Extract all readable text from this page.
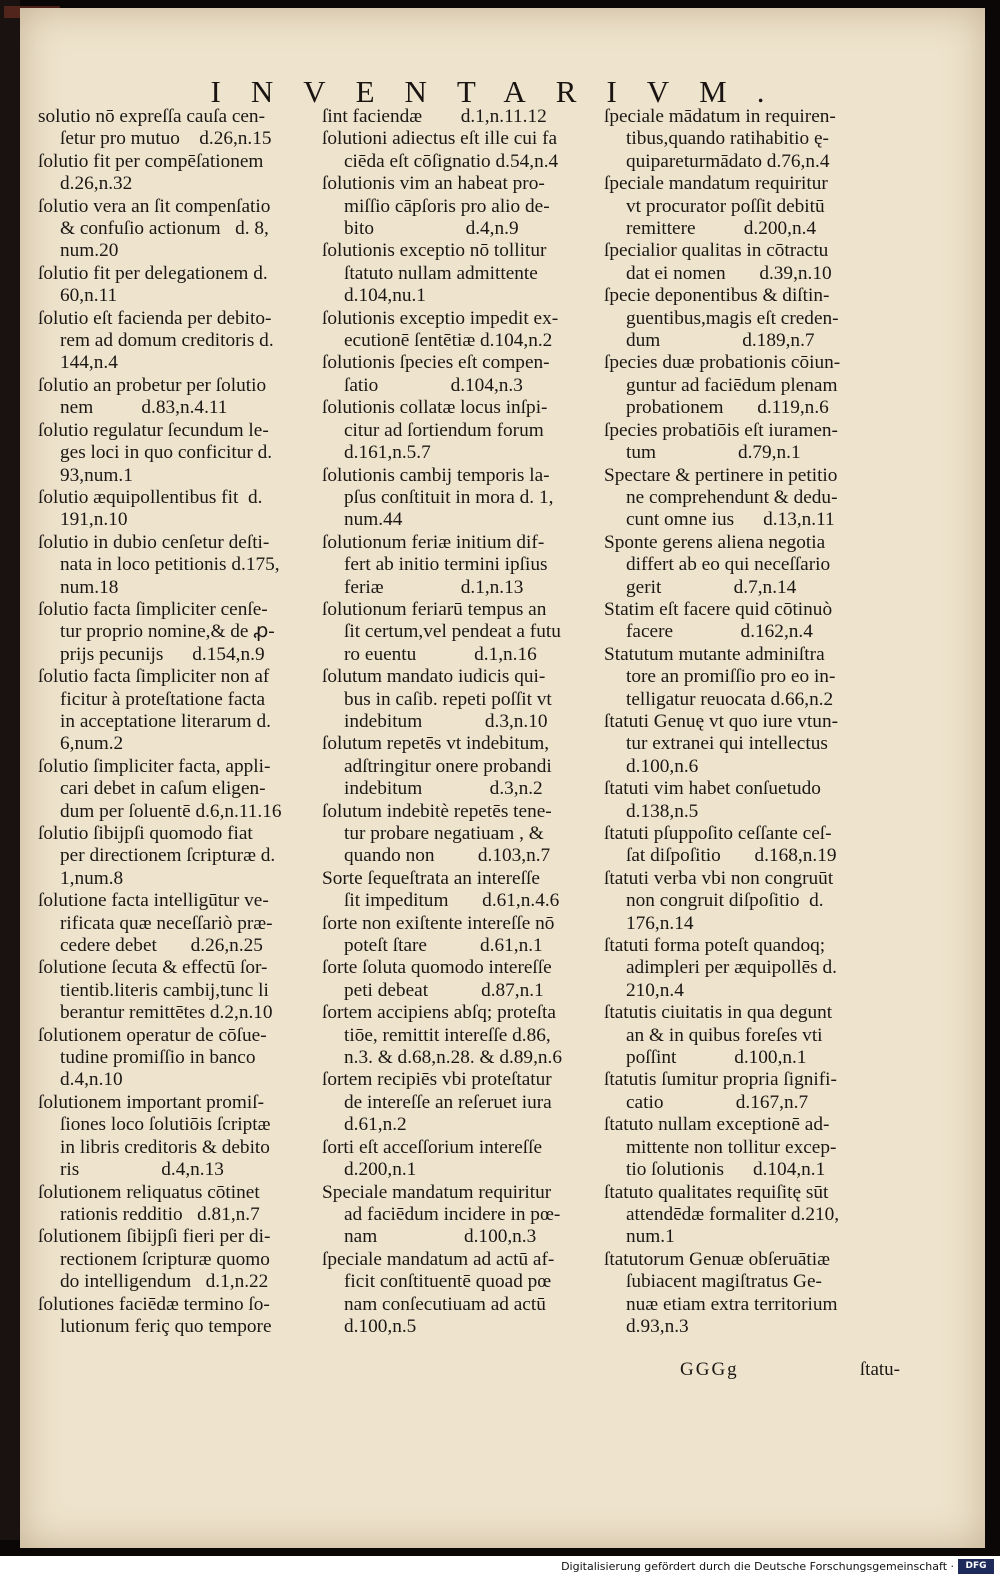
INVENTARIVM.
solutio nō expreſſa cauſa cen-
ſetur pro mutuo    d.26,n.15
ſolutio fit per compēſationem
d.26,n.32
ſolutio vera an ſit compenſatio
& confuſio actionum   d. 8,
num.20
ſolutio fit per delegationem d.
60,n.11
ſolutio eſt facienda per debito-
rem ad domum creditoris d.
144,n.4
ſolutio an probetur per ſolutio
nem          d.83,n.4.11
ſolutio regulatur ſecundum le-
ges loci in quo conficitur d.
93,num.1
ſolutio æquipollentibus fit  d.
191,n.10
ſolutio in dubio cenſetur deſti-
nata in loco petitionis d.175,
num.18
ſolutio facta ſimpliciter cenſe-
tur proprio nomine,& de ꝓ-
prijs pecunijs      d.154,n.9
ſolutio facta ſimpliciter non af
ficitur à proteſtatione facta
in acceptatione literarum d.
6,num.2
ſolutio ſimpliciter facta, appli-
cari debet in caſum eligen-
dum per ſoluentē d.6,n.11.16
ſolutio ſibijpſi quomodo fiat
per directionem ſcripturæ d.
1,num.8
ſolutione facta intelligūtur ve-
rificata quæ neceſſariò præ-
cedere debet       d.26,n.25
ſolutione ſecuta & effectū ſor-
tientib.literis cambij,tunc li
berantur remittētes d.2,n.10
ſolutionem operatur de cōſue-
tudine promiſſio in banco
d.4,n.10
ſolutionem important promiſ-
ſiones loco ſolutiōis ſcriptæ
in libris creditoris & debito
ris                 d.4,n.13
ſolutionem reliquatus cōtinet
rationis redditio   d.81,n.7
ſolutionem ſibijpſi fieri per di-
rectionem ſcripturæ quomo
do intelligendum   d.1,n.22
ſolutiones faciēdæ termino ſo-
lutionum feriç quo tempore
ſint faciendæ        d.1,n.11.12
ſolutioni adiectus eſt ille cui fa
ciēda eſt cōſignatio d.54,n.4
ſolutionis vim an habeat pro-
miſſio cāpſoris pro alio de-
bito                   d.4,n.9
ſolutionis exceptio nō tollitur
ſtatuto nullam admittente
d.104,nu.1
ſolutionis exceptio impedit ex-
ecutionē ſentētiæ d.104,n.2
ſolutionis ſpecies eſt compen-
ſatio               d.104,n.3
ſolutionis collatæ locus inſpi-
citur ad ſortiendum forum
d.161,n.5.7
ſolutionis cambij temporis la-
pſus conſtituit in mora d. 1,
num.44
ſolutionum feriæ initium dif-
fert ab initio termini ipſius
feriæ                d.1,n.13
ſolutionum feriarū tempus an
ſit certum,vel pendeat a futu
ro euentu            d.1,n.16
ſolutum mandato iudicis qui-
bus in caſib. repeti poſſit vt
indebitum             d.3,n.10
ſolutum repetēs vt indebitum,
adſtringitur onere probandi
indebitum              d.3,n.2
ſolutum indebitè repetēs tene-
tur probare negatiuam , &
quando non         d.103,n.7
Sorte ſequeſtrata an intereſſe
ſit impeditum       d.61,n.4.6
ſorte non exiſtente intereſſe nō
poteſt ſtare           d.61,n.1
ſorte ſoluta quomodo intereſſe
peti debeat           d.87,n.1
ſortem accipiens abſq; proteſta
tiōe, remittit intereſſe d.86,
n.3. & d.68,n.28. & d.89,n.6
ſortem recipiēs vbi proteſtatur
de intereſſe an reſeruet iura
d.61,n.2
ſorti eſt acceſſorium intereſſe
d.200,n.1
Speciale mandatum requiritur
ad faciēdum incidere in pœ-
nam                  d.100,n.3
ſpeciale mandatum ad actū af-
ficit conſtituentē quoad pœ
nam conſecutiuam ad actū
d.100,n.5
ſpeciale mādatum in requiren-
tibus,quando ratihabitio ę-
quipareturmādato d.76,n.4
ſpeciale mandatum requiritur
vt procurator poſſit debitū
remittere          d.200,n.4
ſpecialior qualitas in cōtractu
dat ei nomen       d.39,n.10
ſpecie deponentibus & diſtin-
guentibus,magis eſt creden-
dum                 d.189,n.7
ſpecies duæ probationis cōiun-
guntur ad faciēdum plenam
probationem       d.119,n.6
ſpecies probatiōis eſt iuramen-
tum                 d.79,n.1
Spectare & pertinere in petitio
ne comprehendunt & dedu-
cunt omne ius      d.13,n.11
Sponte gerens aliena negotia
differt ab eo qui neceſſario
gerit               d.7,n.14
Statim eſt facere quid cōtinuò
facere              d.162,n.4
Statutum mutante adminiſtra
tore an promiſſio pro eo in-
telligatur reuocata d.66,n.2
ſtatuti Genuę vt quo iure vtun-
tur extranei qui intellectus
d.100,n.6
ſtatuti vim habet conſuetudo
d.138,n.5
ſtatuti pſuppoſito ceſſante ceſ-
ſat diſpoſitio       d.168,n.19
ſtatuti verba vbi non congruūt
non congruit diſpoſitio  d.
176,n.14
ſtatuti forma poteſt quandoq;
adimpleri per æquipollēs d.
210,n.4
ſtatutis ciuitatis in qua degunt
an & in quibus foreſes vti
poſſint            d.100,n.1
ſtatutis ſumitur propria ſignifi-
catio               d.167,n.7
ſtatuto nullam exceptionē ad-
mittente non tollitur excep-
tio ſolutionis      d.104,n.1
ſtatuto qualitates requiſitę sūt
attendēdæ formaliter d.210,
num.1
ſtatutorum Genuæ obſeruātiæ
ſubiacent magiſtratus Ge-
nuæ etiam extra territorium
d.93,n.3
GGGg	ſtatu-
Digitalisierung gefördert durch die Deutsche Forschungsgemeinschaft ·	DFG
